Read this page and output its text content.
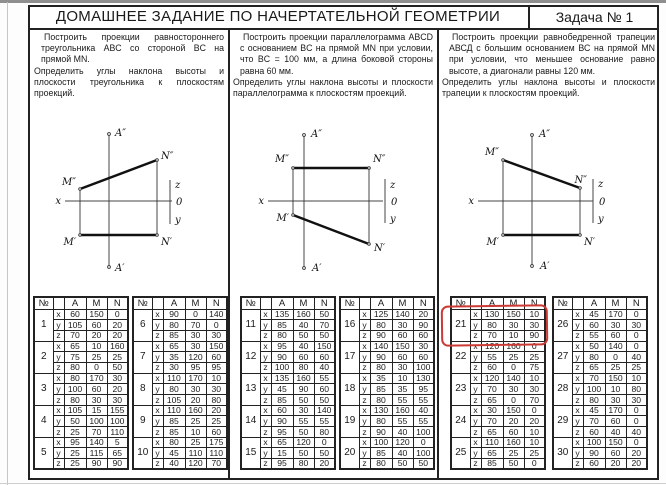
ДОМАШНЕЕ ЗАДАНИЕ ПО НАЧЕРТАТЕЛЬНОЙ ГЕОМЕТРИИ	Задача № 1

Построить проекции равностороннего треугольника ABC со стороной BC на прямой MN.

Определить углы наклона высоты и плоскости треугольника к плоскостям проекций.

Построить проекции параллелограмма ABCD с основанием BC на прямой MN при условии, что BC = 100 мм, а длина боковой стороны равна 60 мм.

Определить углы наклона высоты и плоскости параллелограмма к плоскостям проекций.

Построить проекции равнобедренной трапеции АВСД с большим основанием ВС на прямой MN при условии, что меньшее основание равно высоте, а диагонали равны 120 мм.

Определить углы наклона высоты и плоскости трапеции к плоскостям проекций.

A″
A′
M″
N″
M′	N′
x
z
0
y
A″
A′
M″	N″
M′
N′
x
z
0
y
A″
A′
M″
N″
M′	N′
x
z
0
y
№		A	M	N
1	x	60	150	0
	y	105	60	20
	z	70	20	20
2	x	65	10	160
	y	75	25	25
	z	80	0	50
3	x	80	170	30
	y	100	60	20
	z	80	30	30
4	x	105	15	155
	y	50	100	100
	z	25	70	110
5	x	95	140	5
	y	25	115	65
	z	25	90	90
№		A	M	N
6	x	90	0	140
	y	80	70	0
	z	85	30	30
7	x	65	30	150
	y	35	120	60
	z	30	95	95
8	x	110	170	10
	y	80	30	30
	z	105	20	80
9	x	110	160	20
	y	85	25	25
	z	85	10	60
10	x	80	25	175
	y	45	110	110
	z	40	120	70
№		A	M	N
11	x	135	160	50
	y	85	40	70
	z	80	50	50
12	x	95	40	150
	y	90	60	60
	z	100	80	40
13	x	135	160	55
	y	45	90	60
	z	85	50	50
14	x	60	30	140
	y	90	55	55
	z	95	50	80
15	x	65	120	0
	y	15	50	50
	z	95	80	20
№		A	M	N
16	x	125	140	20
	y	80	30	90
	z	90	60	60
17	x	140	150	30
	y	90	60	60
	z	80	30	100
18	x	35	10	130
	y	85	35	95
	z	80	55	55
19	x	130	160	40
	y	80	55	55
	z	90	40	100
20	x	100	120	0
	y	85	40	100
	z	80	50	50
№		A	M	N
21	x	130	150	10
	y	80	30	30
	z	70	10	90
22	x	120	160	0
	y	55	25	25
	z	60	0	75
23	x	120	140	10
	y	70	30	30
	z	65	0	70
24	x	30	150	0
	y	70	20	20
	z	65	60	10
25	x	110	160	10
	y	65	25	25
	z	85	50	0
№		A	M	N
26	x	45	170	0
	y	60	30	30
	z	55	60	0
27	x	50	140	0
	y	80	0	40
	z	65	25	25
28	x	70	150	10
	y	100	10	80
	z	80	30	30
29	x	45	170	0
	y	70	60	0
	z	60	40	40
30	x	100	150	0
	y	90	60	20
	z	60	20	20
